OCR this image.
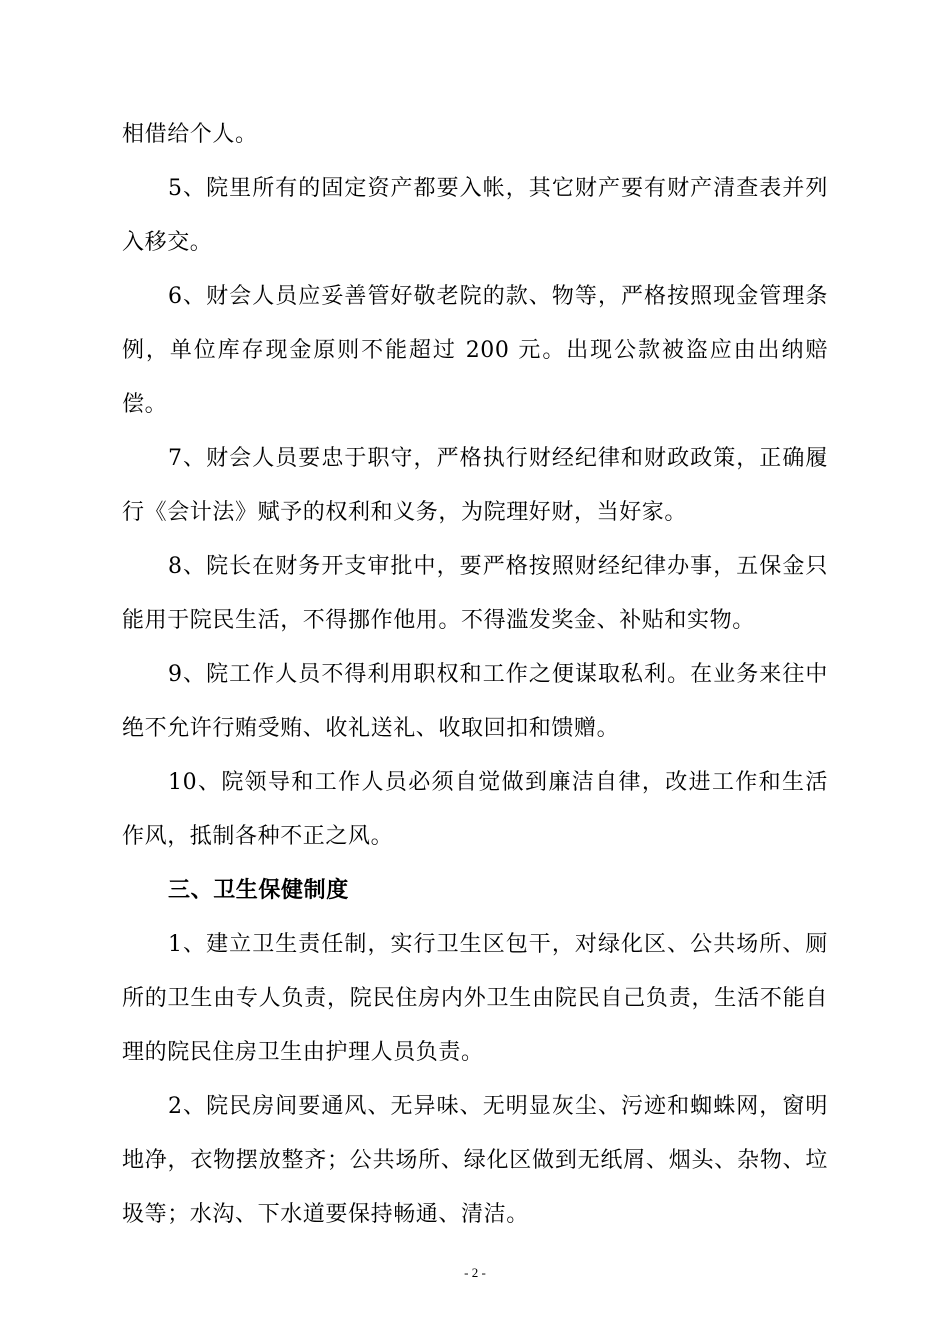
相借给个人。

5、院里所有的固定资产都要入帐，其它财产要有财产清查表并列入移交。

6、财会人员应妥善管好敬老院的款、物等，严格按照现金管理条例，单位库存现金原则不能超过 200 元。出现公款被盗应由出纳赔偿。

7、财会人员要忠于职守，严格执行财经纪律和财政政策，正确履行《会计法》赋予的权利和义务，为院理好财，当好家。

8、院长在财务开支审批中，要严格按照财经纪律办事，五保金只能用于院民生活，不得挪作他用。不得滥发奖金、补贴和实物。

9、院工作人员不得利用职权和工作之便谋取私利。在业务来往中绝不允许行贿受贿、收礼送礼、收取回扣和馈赠。

10、院领导和工作人员必须自觉做到廉洁自律，改进工作和生活作风，抵制各种不正之风。

三、卫生保健制度

1、建立卫生责任制，实行卫生区包干，对绿化区、公共场所、厕所的卫生由专人负责，院民住房内外卫生由院民自己负责，生活不能自理的院民住房卫生由护理人员负责。

2、院民房间要通风、无异味、无明显灰尘、污迹和蜘蛛网，窗明地净，衣物摆放整齐；公共场所、绿化区做到无纸屑、烟头、杂物、垃圾等；水沟、下水道要保持畅通、清洁。

- 2 -
